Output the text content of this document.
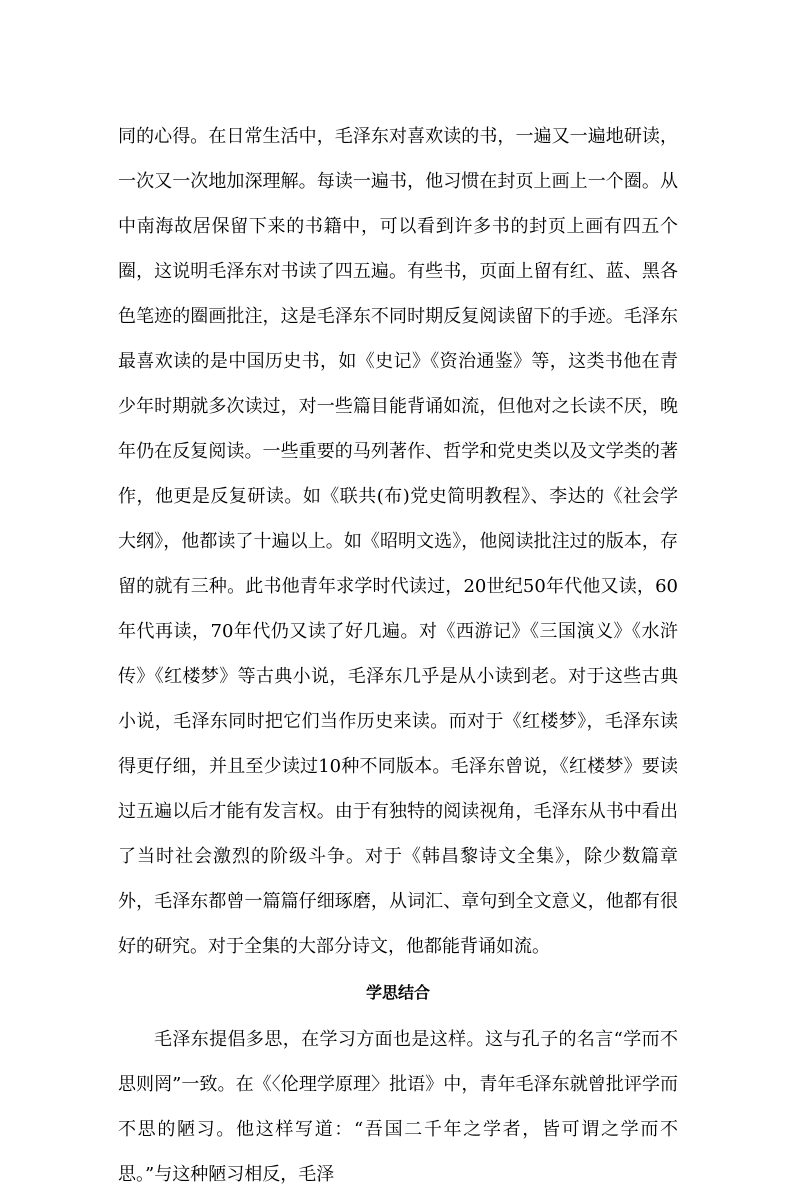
同的心得。在日常生活中，毛泽东对喜欢读的书，一遍又一遍地研读，一次又一次地加深理解。每读一遍书，他习惯在封页上画上一个圈。从中南海故居保留下来的书籍中，可以看到许多书的封页上画有四五个圈，这说明毛泽东对书读了四五遍。有些书，页面上留有红、蓝、黑各色笔迹的圈画批注，这是毛泽东不同时期反复阅读留下的手迹。毛泽东最喜欢读的是中国历史书，如《史记》《资治通鉴》等，这类书他在青少年时期就多次读过，对一些篇目能背诵如流，但他对之长读不厌，晚年仍在反复阅读。一些重要的马列著作、哲学和党史类以及文学类的著作，他更是反复研读。如《联共(布)党史简明教程》、李达的《社会学大纲》，他都读了十遍以上。如《昭明文选》，他阅读批注过的版本，存留的就有三种。此书他青年求学时代读过，20世纪50年代他又读，60年代再读，70年代仍又读了好几遍。对《西游记》《三国演义》《水浒传》《红楼梦》等古典小说，毛泽东几乎是从小读到老。对于这些古典小说，毛泽东同时把它们当作历史来读。而对于《红楼梦》，毛泽东读得更仔细，并且至少读过10种不同版本。毛泽东曾说，《红楼梦》要读过五遍以后才能有发言权。由于有独特的阅读视角，毛泽东从书中看出了当时社会激烈的阶级斗争。对于《韩昌黎诗文全集》，除少数篇章外，毛泽东都曾一篇篇仔细琢磨，从词汇、章句到全文意义，他都有很好的研究。对于全集的大部分诗文，他都能背诵如流。

学思结合

毛泽东提倡多思，在学习方面也是这样。这与孔子的名言“学而不思则罔”一致。在《〈伦理学原理〉批语》中，青年毛泽东就曾批评学而不思的陋习。他这样写道：“吾国二千年之学者，皆可谓之学而不思。”与这种陋习相反，毛泽
